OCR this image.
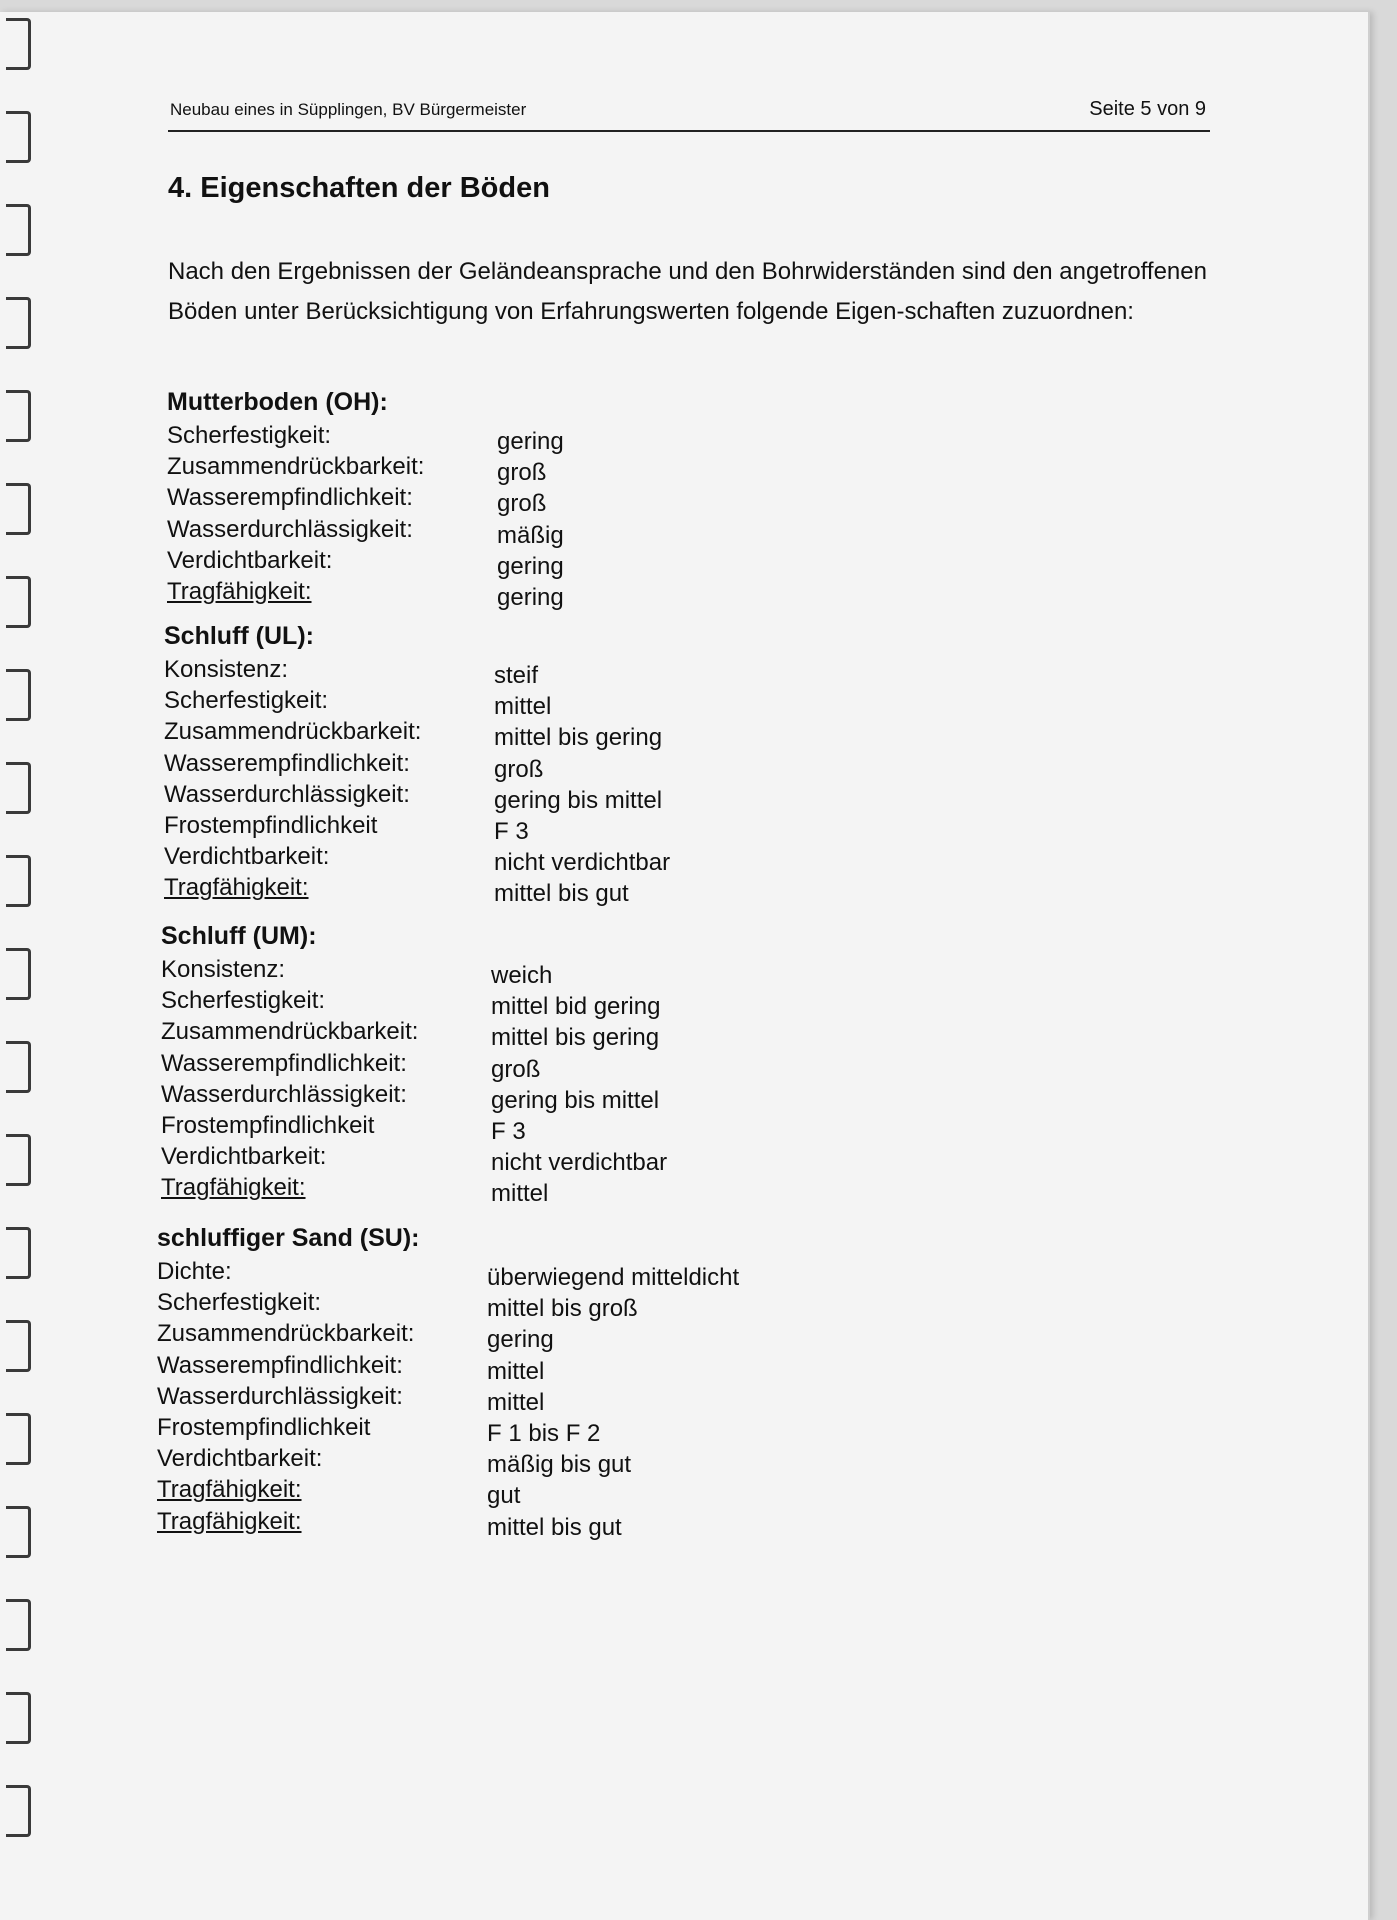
Neubau eines in Süpplingen, BV Bürgermeister	Seite 5 von 9
4. Eigenschaften der Böden

Nach den Ergebnissen der Geländeansprache und den Bohrwiderständen sind den angetroffenen Böden unter Berücksichtigung von Erfahrungswerten folgende Eigen-schaften zuzuordnen:

Mutterboden (OH):
Scherfestigkeit:	gering
Zusammendrückbarkeit:	groß
Wasserempfindlichkeit:	groß
Wasserdurchlässigkeit:	mäßig
Verdichtbarkeit:	gering
Tragfähigkeit:	gering
Schluff (UL):
Konsistenz:	steif
Scherfestigkeit:	mittel
Zusammendrückbarkeit:	mittel bis gering
Wasserempfindlichkeit:	groß
Wasserdurchlässigkeit:	gering bis mittel
Frostempfindlichkeit	F 3
Verdichtbarkeit:	nicht verdichtbar
Tragfähigkeit:	mittel bis gut
Schluff (UM):
Konsistenz:	weich
Scherfestigkeit:	mittel bid gering
Zusammendrückbarkeit:	mittel bis gering
Wasserempfindlichkeit:	groß
Wasserdurchlässigkeit:	gering bis mittel
Frostempfindlichkeit	F 3
Verdichtbarkeit:	nicht verdichtbar
Tragfähigkeit:	mittel
schluffiger Sand (SU):
Dichte:	überwiegend mitteldicht
Scherfestigkeit:	mittel bis groß
Zusammendrückbarkeit:	gering
Wasserempfindlichkeit:	mittel
Wasserdurchlässigkeit:	mittel
Frostempfindlichkeit	F 1 bis F 2
Verdichtbarkeit:	mäßig bis gut
Tragfähigkeit:	gut
Tragfähigkeit:	mittel bis gut
